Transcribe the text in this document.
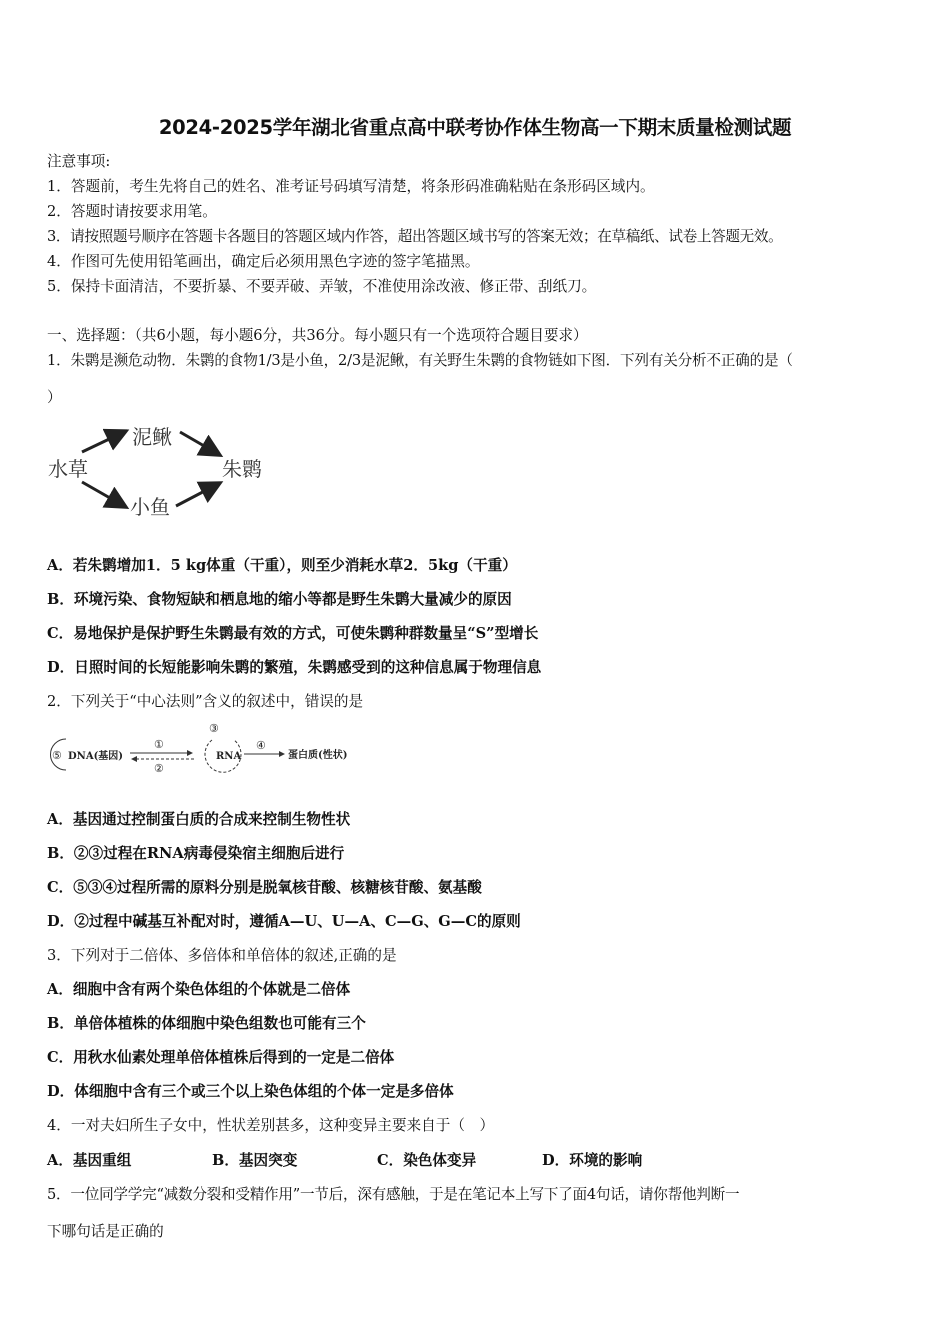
2024-2025学年湖北省重点高中联考协作体生物高一下期末质量检测试题
注意事项:
1．答题前，考生先将自己的姓名、准考证号码填写清楚，将条形码准确粘贴在条形码区域内。
2．答题时请按要求用笔。
3．请按照题号顺序在答题卡各题目的答题区域内作答，超出答题区域书写的答案无效；在草稿纸、试卷上答题无效。
4．作图可先使用铅笔画出，确定后必须用黑色字迹的签字笔描黑。
5．保持卡面清洁，不要折暴、不要弄破、弄皱，不准使用涂改液、修正带、刮纸刀。
一、选择题：（共6小题，每小题6分，共36分。每小题只有一个选项符合题目要求）
1．朱鹮是濒危动物．朱鹮的食物1/3是小鱼，2/3是泥鳅，有关野生朱鹮的食物链如下图．下列有关分析不正确的是（
）
水草
泥鳅
小鱼
朱鹮
A．若朱鹮增加1．5 kg体重（干重），则至少消耗水草2．5kg（干重）
B．环境污染、食物短缺和栖息地的缩小等都是野生朱鹮大量减少的原因
C．易地保护是保护野生朱鹮最有效的方式，可使朱鹮种群数量呈“S”型增长
D．日照时间的长短能影响朱鹮的繁殖，朱鹮感受到的这种信息属于物理信息
2．下列关于“中心法则”含义的叙述中，错误的是
⑤ DNA(基因)
①
②
③
RNA
④
蛋白质(性状)
A．基因通过控制蛋白质的合成来控制生物性状
B．②③过程在RNA病毒侵染宿主细胞后进行
C．⑤③④过程所需的原料分别是脱氧核苷酸、核糖核苷酸、氨基酸
D．②过程中碱基互补配对时，遵循A—U、U—A、C—G、G—C的原则
3．下列对于二倍体、多倍体和单倍体的叙述,正确的是
A．细胞中含有两个染色体组的个体就是二倍体
B．单倍体植株的体细胞中染色组数也可能有三个
C．用秋水仙素处理单倍体植株后得到的一定是二倍体
D．体细胞中含有三个或三个以上染色体组的个体一定是多倍体
4．一对夫妇所生子女中，性状差别甚多，这种变异主要来自于（　）
A．基因重组	B．基因突变	C．染色体变异	D．环境的影响
5．一位同学学完“减数分裂和受精作用”一节后，深有感触，于是在笔记本上写下了面4句话，请你帮他判断一
下哪句话是正确的
